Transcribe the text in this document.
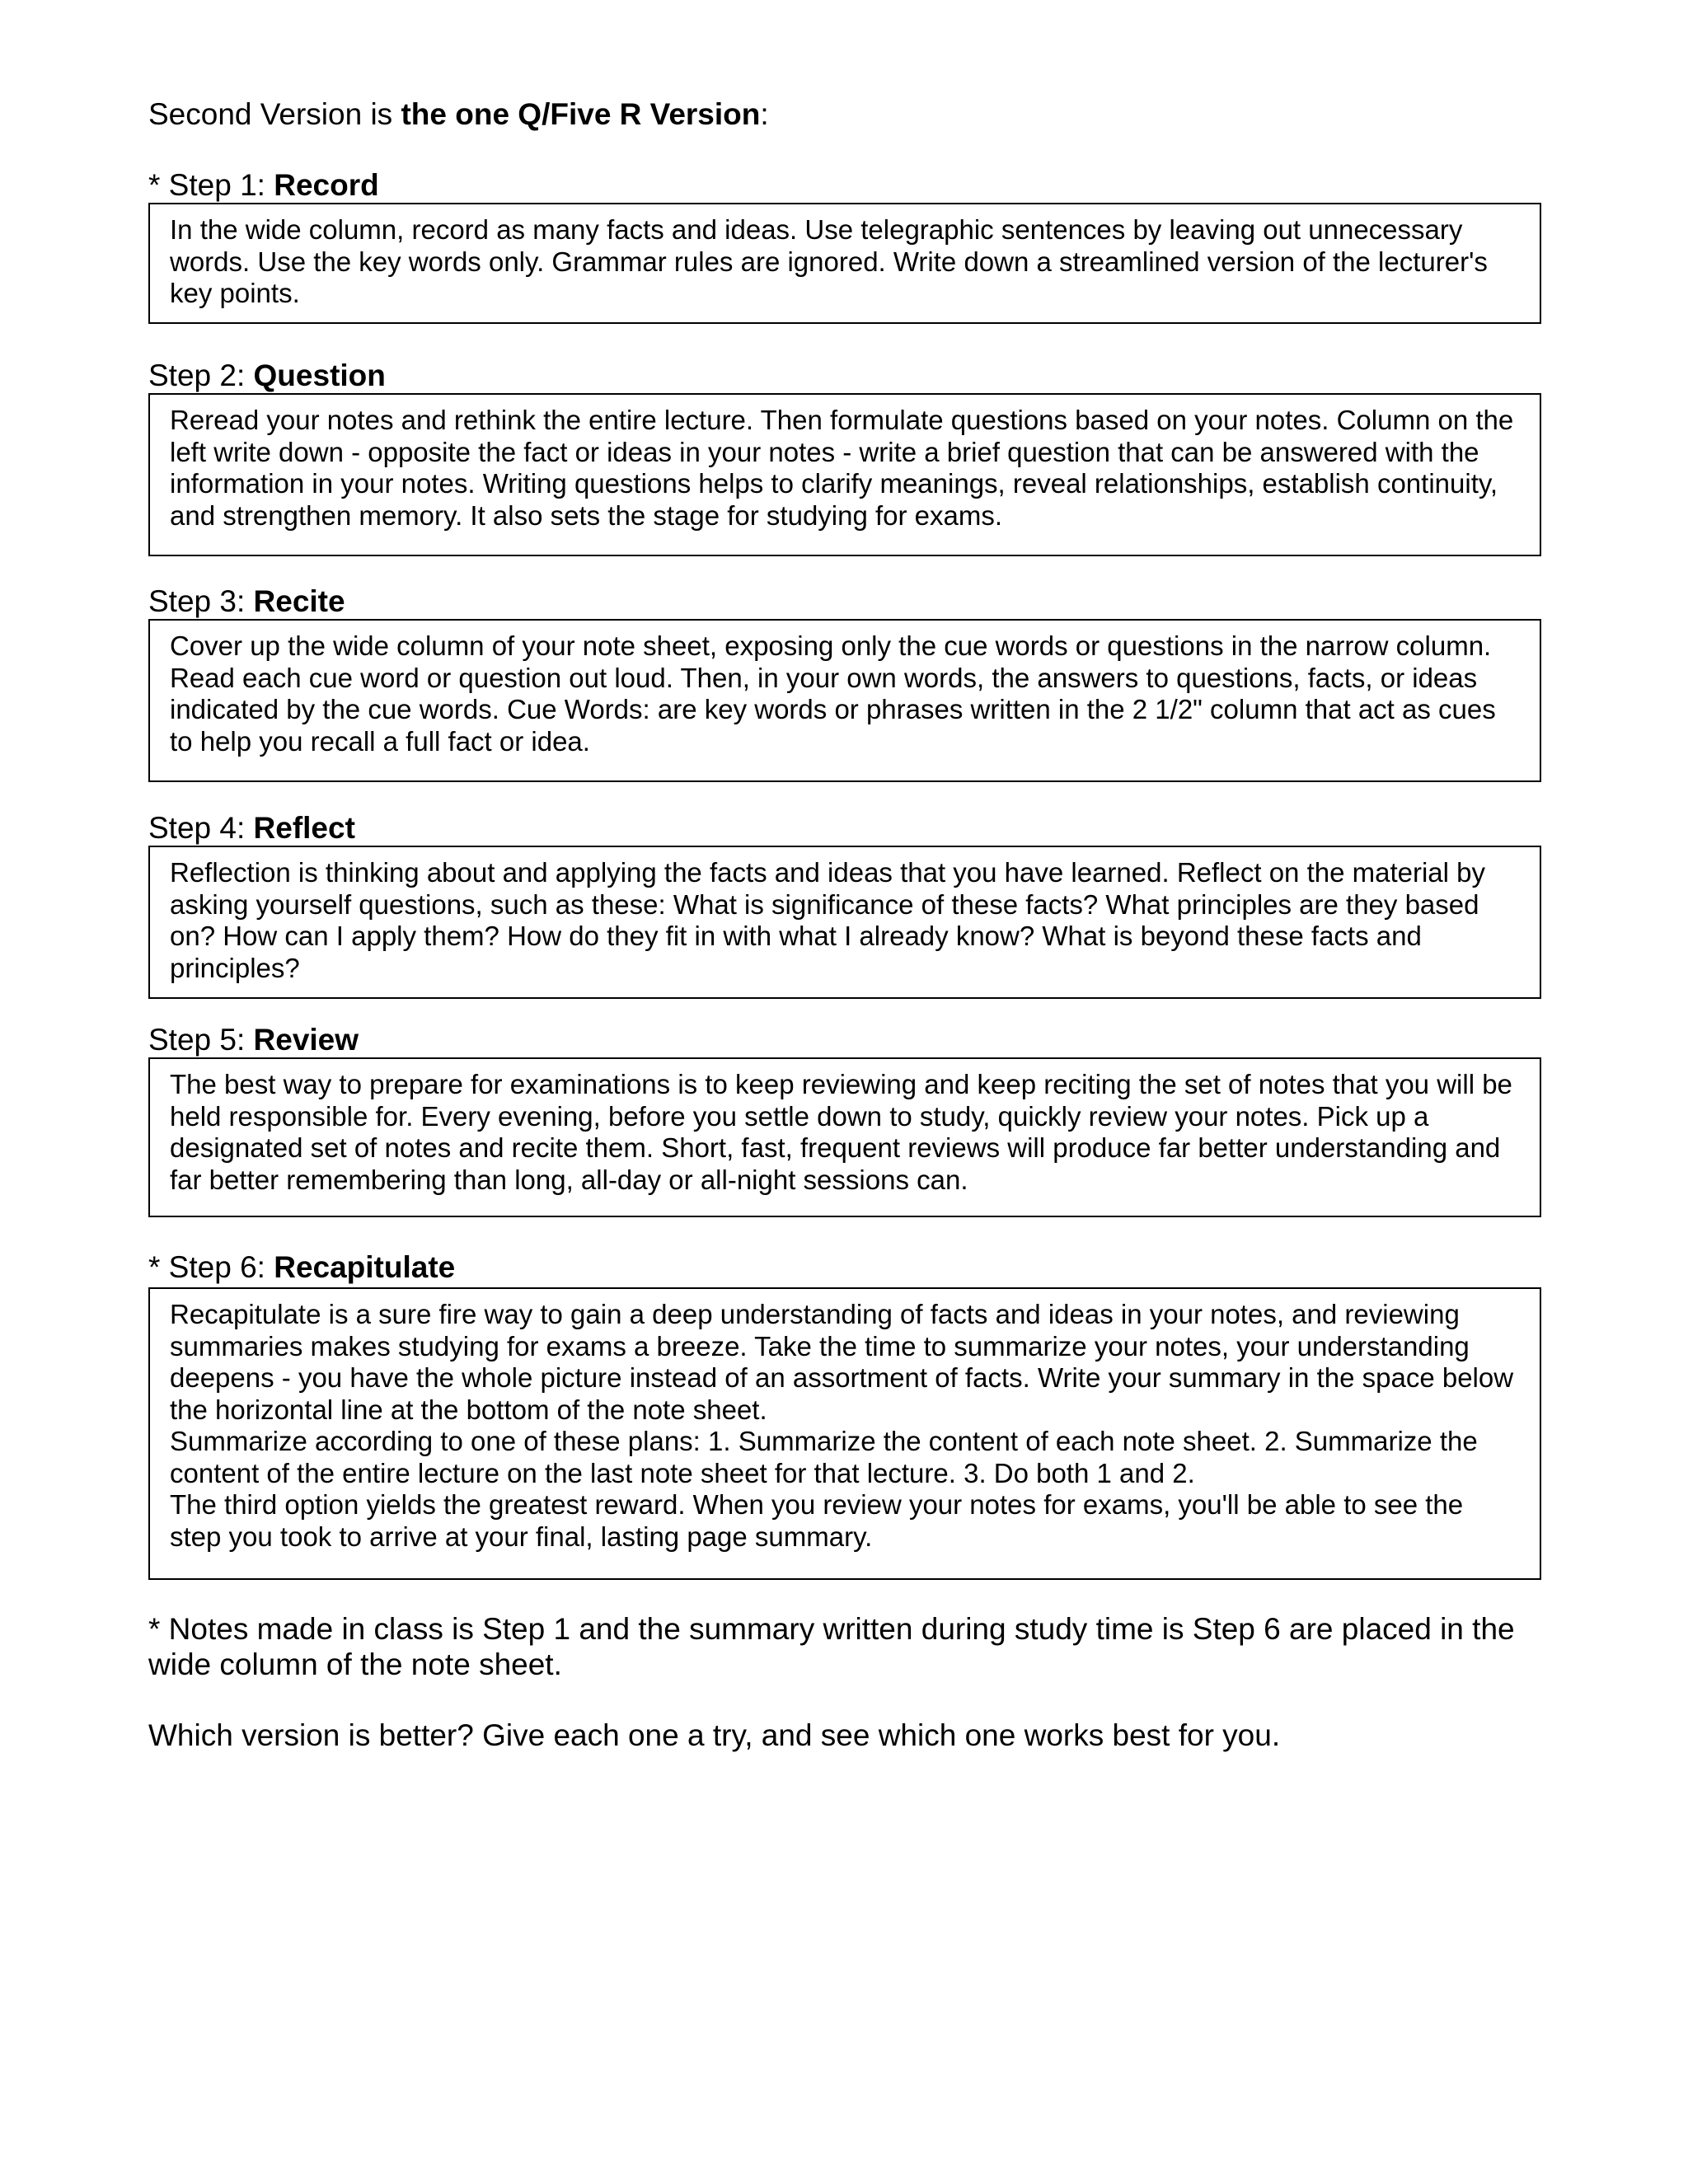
Second Version is the one Q/Five R Version:
* Step 1: Record

In the wide column, record as many facts and ideas. Use telegraphic sentences by leaving out unnecessary words. Use the key words only. Grammar rules are ignored. Write down a streamlined version of the lecturer's key points.

Step 2: Question

Reread your notes and rethink the entire lecture. Then formulate questions based on your notes. Column on the left write down - opposite the fact or ideas in your notes - write a brief question that can be answered with the information in your notes. Writing questions helps to clarify meanings, reveal relationships, establish continuity, and strengthen memory. It also sets the stage for studying for exams.

Step 3: Recite

Cover up the wide column of your note sheet, exposing only the cue words or questions in the narrow column. Read each cue word or question out loud. Then, in your own words, the answers to questions, facts, or ideas indicated by the cue words. Cue Words: are key words or phrases written in the 2 1/2" column that act as cues to help you recall a full fact or idea.

Step 4: Reflect

Reflection is thinking about and applying the facts and ideas that you have learned. Reflect on the material by asking yourself questions, such as these: What is significance of these facts? What principles are they based on? How can I apply them? How do they fit in with what I already know? What is beyond these facts and principles?

Step 5: Review

The best way to prepare for examinations is to keep reviewing and keep reciting the set of notes that you will be held responsible for. Every evening, before you settle down to study, quickly review your notes. Pick up a designated set of notes and recite them. Short, fast, frequent reviews will produce far better understanding and far better remembering than long, all-day or all-night sessions can.

* Step 6: Recapitulate

Recapitulate is a sure fire way to gain a deep understanding of facts and ideas in your notes, and reviewing summaries makes studying for exams a breeze. Take the time to summarize your notes, your understanding deepens - you have the whole picture instead of an assortment of facts. Write your summary in the space below the horizontal line at the bottom of the note sheet.

Summarize according to one of these plans: 1. Summarize the content of each note sheet. 2. Summarize the content of the entire lecture on the last note sheet for that lecture. 3. Do both 1 and 2.

The third option yields the greatest reward. When you review your notes for exams, you'll be able to see the step you took to arrive at your final, lasting page summary.

* Notes made in class is Step 1 and the summary written during study time is Step 6 are placed in the wide column of the note sheet.
Which version is better? Give each one a try, and see which one works best for you.
